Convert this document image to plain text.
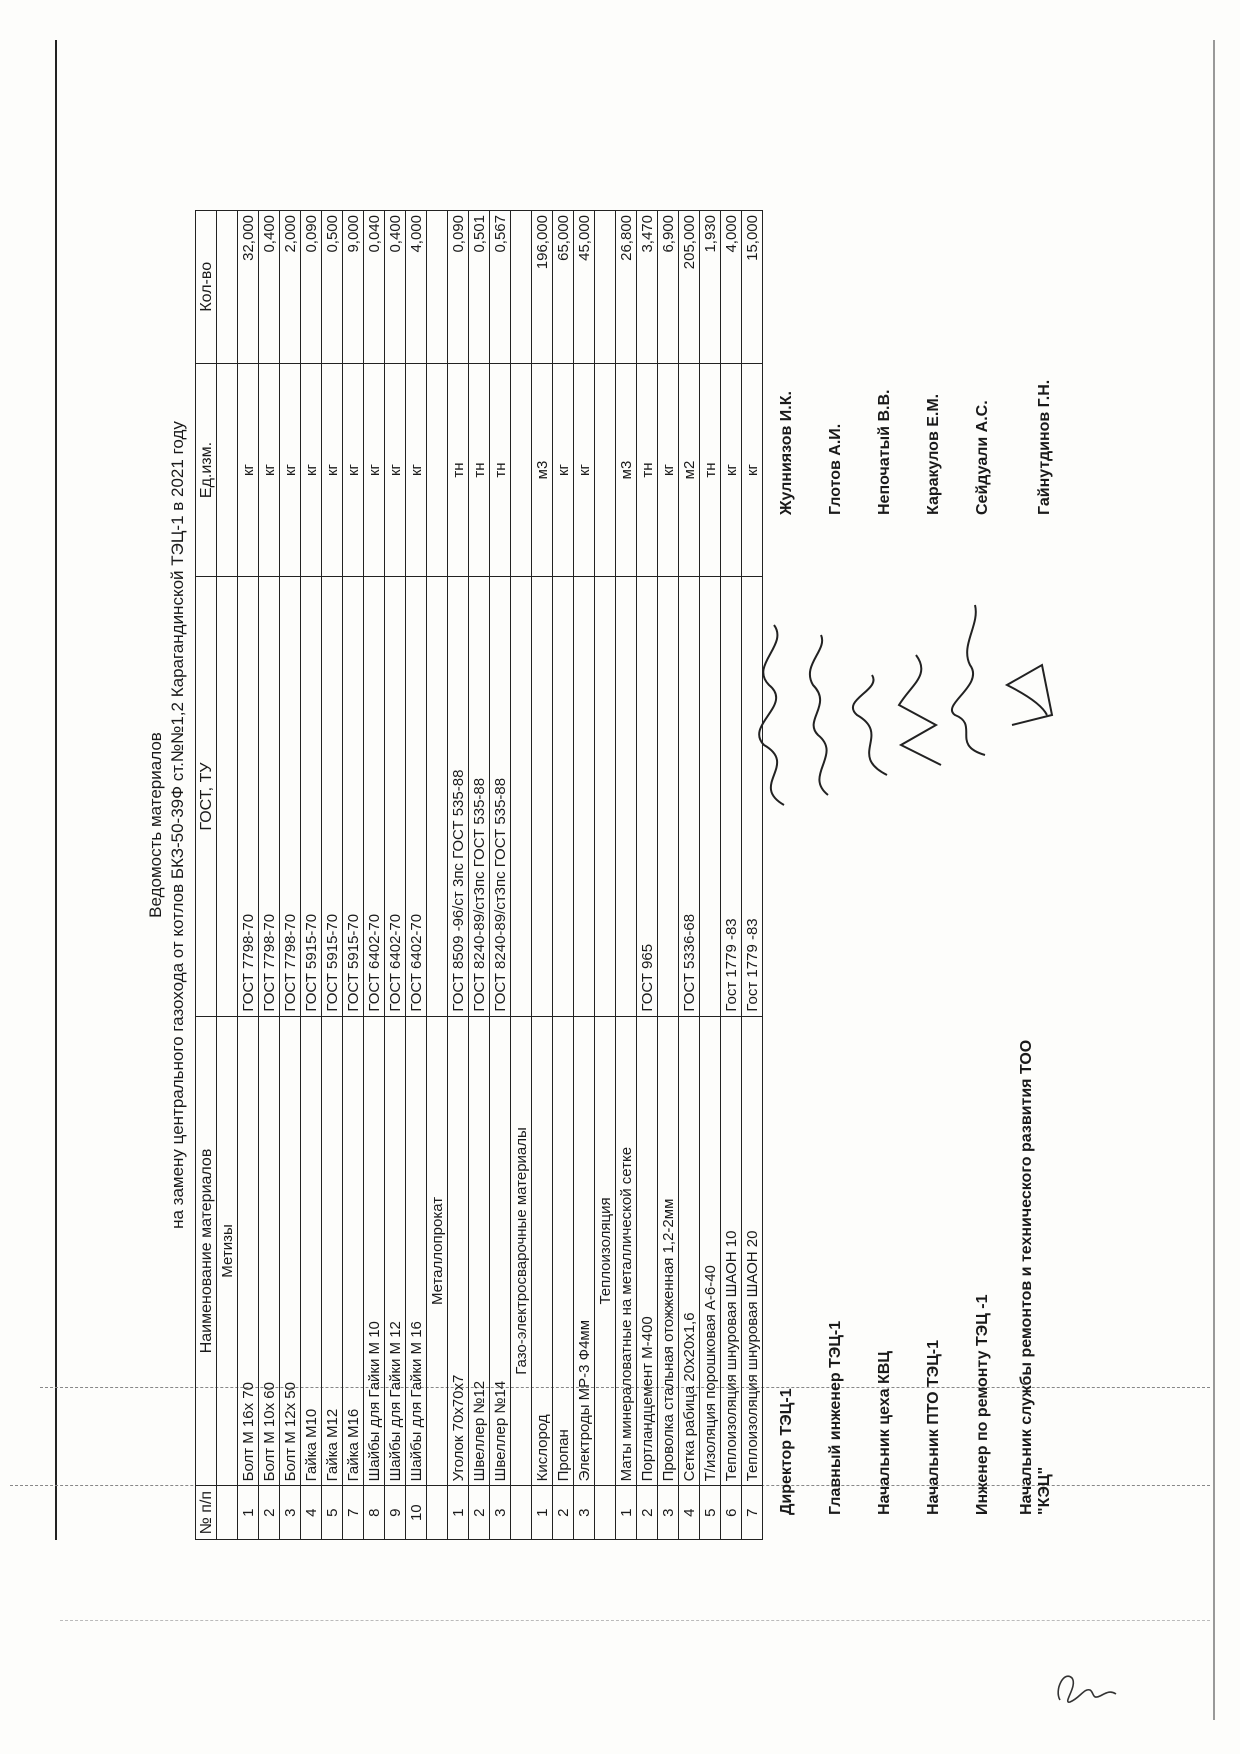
Ведомость материалов на замену центрального газохода от котлов БКЗ-50-39Ф ст.№№1,2 Карагандинской ТЭЦ-1 в 2021 году
№ п/п	Наименование материалов	ГОСТ, ТУ	Ед.изм.	Кол-во
	Метизы			
1	Болт М 16х 70	ГОСТ 7798-70	кг	32,000
2	Болт М 10х 60	ГОСТ 7798-70	кг	0,400
3	Болт М 12х 50	ГОСТ 7798-70	кг	2,000
4	Гайка М10	ГОСТ 5915-70	кг	0,090
5	Гайка М12	ГОСТ 5915-70	кг	0,500
7	Гайка М16	ГОСТ 5915-70	кг	9,000
8	Шайбы для Гайки М 10	ГОСТ 6402-70	кг	0,040
9	Шайбы для Гайки М 12	ГОСТ 6402-70	кг	0,400
10	Шайбы для Гайки М 16	ГОСТ 6402-70	кг	4,000
	Металлопрокат			
1	Уголок 70х70х7	ГОСТ 8509 -96/ст 3пс ГОСТ 535-88	тн	0,090
2	Швеллер №12	ГОСТ 8240-89/ст3пс ГОСТ 535-88	тн	0,501
3	Швеллер №14	ГОСТ 8240-89/ст3пс ГОСТ 535-88	тн	0,567
	Газо-электросварочные материалы			
1	Кислород		м3	196,000
2	Пропан		кг	65,000
3	Электроды МР-3 Ф4мм		кг	45,000
	Теплоизоляция			
1	Маты минераловатные на металлической сетке		м3	26,800
2	Портландцемент М-400	ГОСТ 965	тн	3,470
3	Проволка стальная отожженная 1,2-2мм		кг	6,900
4	Сетка рабица 20х20х1,6	ГОСТ 5336-68	м2	205,000
5	Т/изоляция порошковая А-6-40		тн	1,930
6	Теплоизоляция шнуровая ШАОН 10	Гост 1779 -83	кг	4,000
7	Теплоизоляция шнуровая ШАОН 20	Гост 1779 -83	кг	15,000
Директор ТЭЦ-1
Жулниязов И.К.
Главный инженер ТЭЦ-1
Глотов А.И.
Начальник цеха КВЦ
Непочатый В.В.
Начальник ПТО ТЭЦ-1
Каракулов Е.М.
Инженер по ремонту ТЭЦ -1
Сейдуали А.С.
Начальник службы ремонтов и технического развития ТОО "КЭЦ"
Гайнутдинов Г.Н.
